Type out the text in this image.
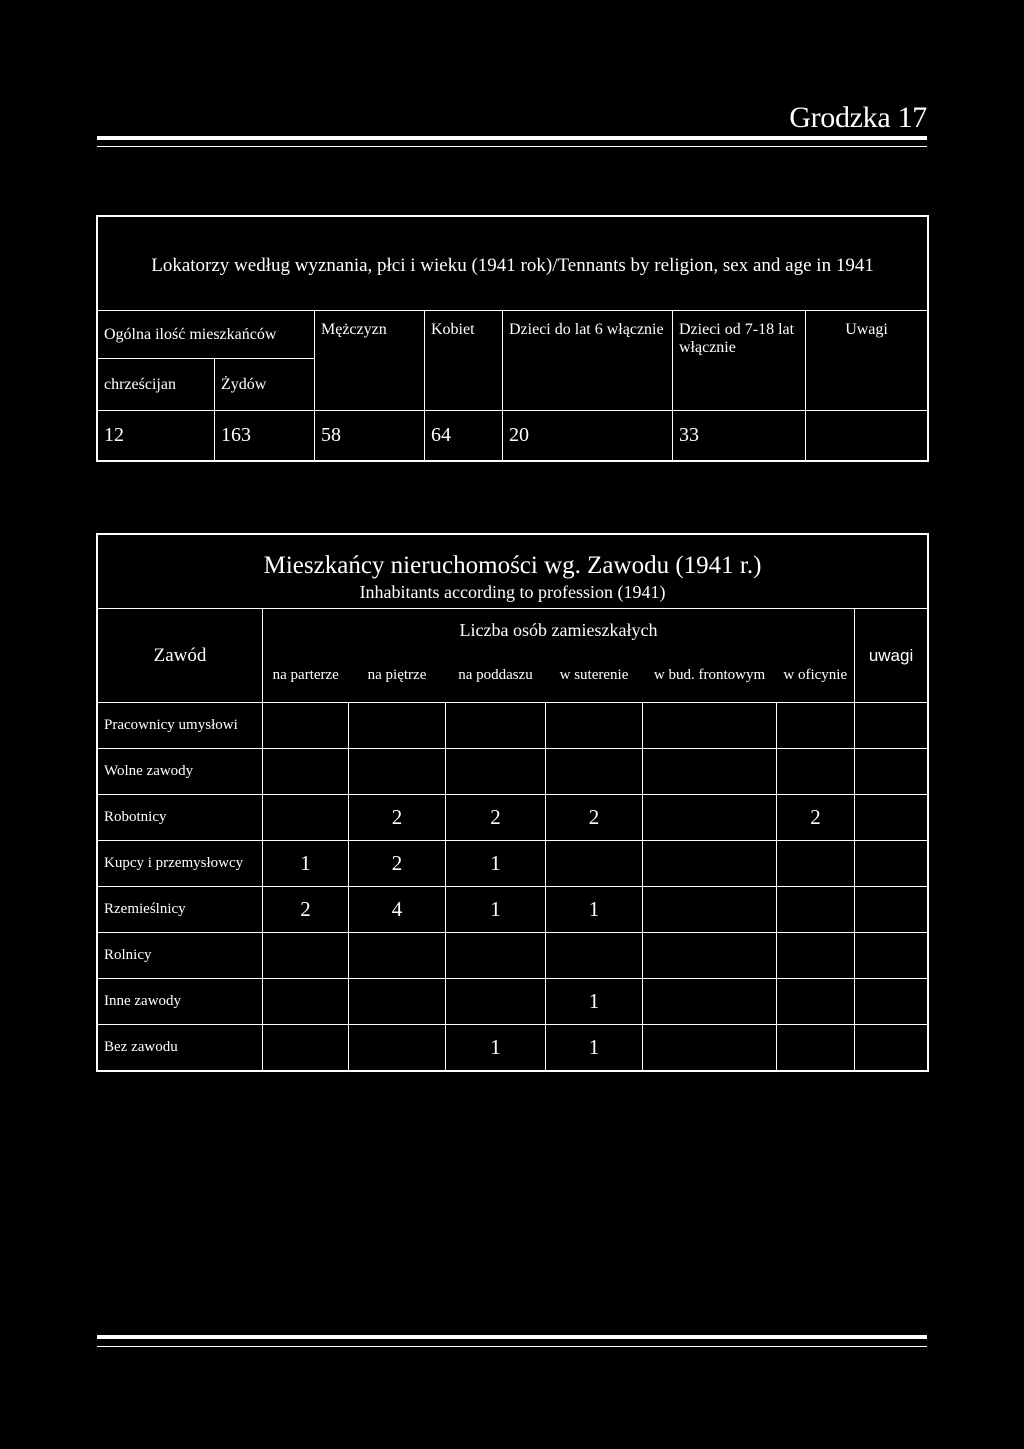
Grodzka 17
Lokatorzy według wyznania, płci i wieku (1941 rok)/Tennants by religion, sex and age in 1941						
Ogólna ilość mieszkańców		Mężczyzn	Kobiet	Dzieci do lat 6 włącznie	Dzieci od 7-18 lat włącznie	Uwagi
chrześcijan	Żydów					
12	163	58	64	20	33	
Mieszkańcy nieruchomości wg. Zawodu (1941 r.)
Inhabitants according to profession (1941)							

Zawód	Liczba osób zamieszkałych						uwagi
	na parterze	na piętrze	na poddaszu	w suterenie	w bud. frontowym	w oficynie	
Pracownicy umysłowi							
Wolne zawody							
Robotnicy		2	2	2		2	
Kupcy i przemysłowcy	1	2	1				
Rzemieślnicy	2	4	1	1			
Rolnicy							
Inne zawody				1			
Bez zawodu			1	1			
